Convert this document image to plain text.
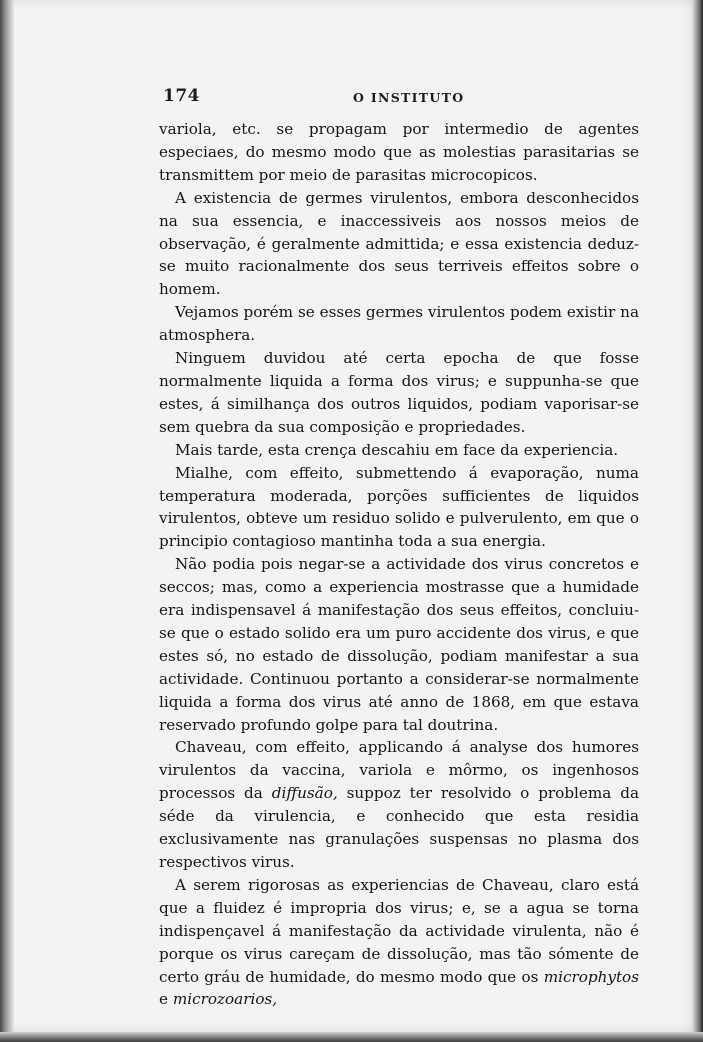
174	O INSTITUTO

variola, etc. se propagam por intermedio de agentes especiaes, do mesmo modo que as molestias parasitarias se transmittem por meio de parasitas microcopicos.

A existencia de germes virulentos, embora desconhecidos na sua essencia, e inaccessiveis aos nossos meios de observação, é geralmente admittida; e essa existencia deduz-se muito racionalmente dos seus terriveis effeitos sobre o homem.

Vejamos porém se esses germes virulentos podem existir na atmosphera.

Ninguem duvidou até certa epocha de que fosse normalmente liquida a forma dos virus; e suppunha-se que estes, á similhança dos outros liquidos, podiam vaporisar-se sem quebra da sua composição e propriedades.

Mais tarde, esta crença descahiu em face da experiencia.

Mialhe, com effeito, submettendo á evaporação, numa temperatura moderada, porções sufficientes de liquidos virulentos, obteve um residuo solido e pulverulento, em que o principio contagioso mantinha toda a sua energia.

Não podia pois negar-se a actividade dos virus concretos e seccos; mas, como a experiencia mostrasse que a humidade era indispensavel á manifestação dos seus effeitos, concluiu-se que o estado solido era um puro accidente dos virus, e que estes só, no estado de dissolução, podiam manifestar a sua actividade. Continuou portanto a considerar-se normalmente liquida a forma dos virus até anno de 1868, em que estava reservado profundo golpe para tal doutrina.

Chaveau, com effeito, applicando á analyse dos humores virulentos da vaccina, variola e môrmo, os ingenhosos processos da diffusão, suppoz ter resolvido o problema da séde da virulencia, e conhecido que esta residia exclusivamente nas granulações suspensas no plasma dos respectivos virus.

A serem rigorosas as experiencias de Chaveau, claro está que a fluidez é impropria dos virus; e, se a agua se torna indispençavel á manifestação da actividade virulenta, não é porque os virus careçam de dissolução, mas tão sómente de certo gráu de humidade, do mesmo modo que os microphytos e microzoarios,
